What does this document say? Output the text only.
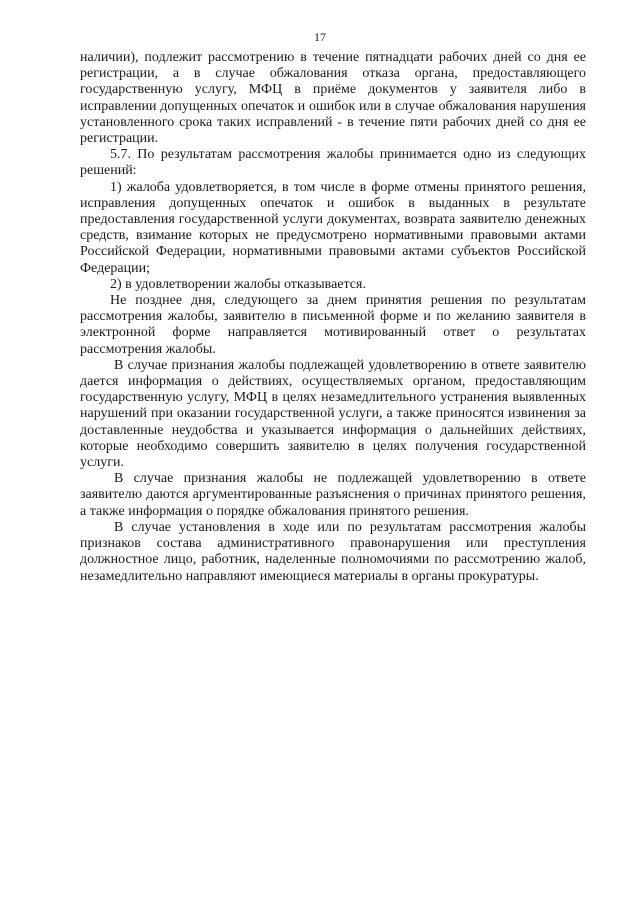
17

наличии), подлежит рассмотрению в течение пятнадцати рабочих дней со дня ее регистрации, а в случае обжалования отказа органа, предоставляющего государственную услугу, МФЦ в приёме документов у заявителя либо в исправлении допущенных опечаток и ошибок или в случае обжалования нарушения установленного срока таких исправлений - в течение пяти рабочих дней со дня ее регистрации.

5.7. По результатам рассмотрения жалобы принимается одно из следующих решений:

1) жалоба удовлетворяется, в том числе в форме отмены принятого решения, исправления допущенных опечаток и ошибок в выданных в результате предоставления государственной услуги документах, возврата заявителю денежных средств, взимание которых не предусмотрено нормативными правовыми актами Российской Федерации, нормативными правовыми актами субъектов Российской Федерации;

2) в удовлетворении жалобы отказывается.

Не позднее дня, следующего за днем принятия решения по результатам рассмотрения жалобы, заявителю в письменной форме и по желанию заявителя в электронной форме направляется мотивированный ответ о результатах рассмотрения жалобы.

В случае признания жалобы подлежащей удовлетворению в ответе заявителю дается информация о действиях, осуществляемых органом, предоставляющим государственную услугу, МФЦ в целях незамедлительного устранения выявленных нарушений при оказании государственной услуги, а также приносятся извинения за доставленные неудобства и указывается информация о дальнейших действиях, которые необходимо совершить заявителю в целях получения государственной услуги.

В случае признания жалобы не подлежащей удовлетворению в ответе заявителю даются аргументированные разъяснения о причинах принятого решения, а также информация о порядке обжалования принятого решения.

В случае установления в ходе или по результатам рассмотрения жалобы признаков состава административного правонарушения или преступления должностное лицо, работник, наделенные полномочиями по рассмотрению жалоб, незамедлительно направляют имеющиеся материалы в органы прокуратуры.
